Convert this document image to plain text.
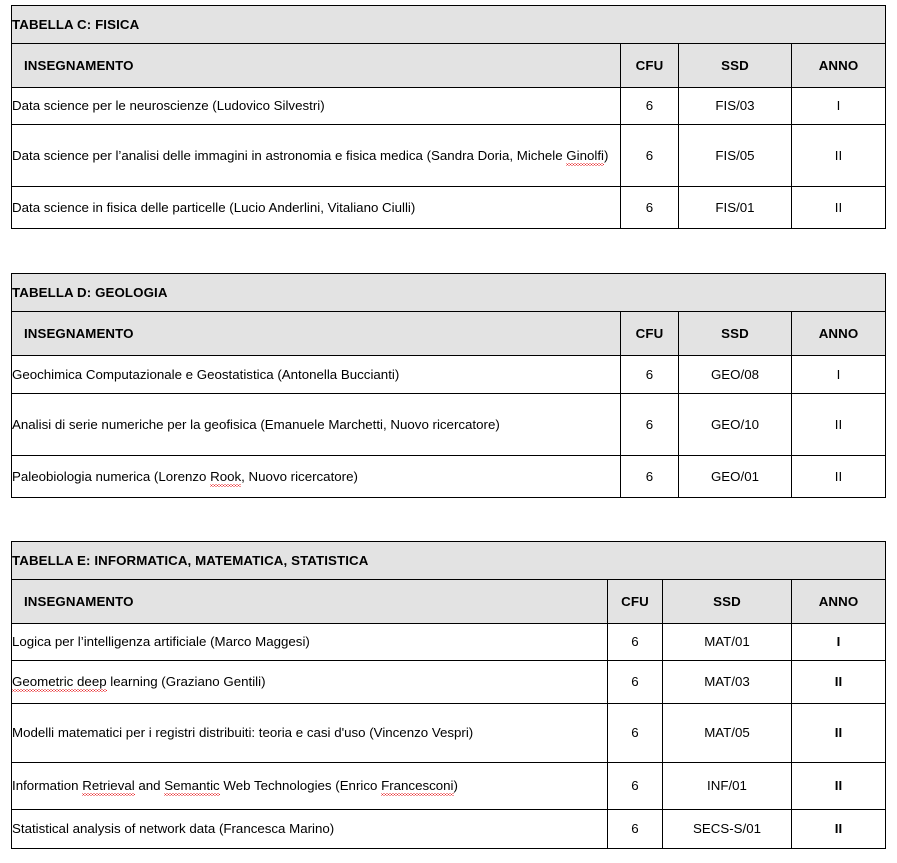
TABELLA C: FISICA			
INSEGNAMENTO	CFU	SSD	ANNO
Data science per le neuroscienze (Ludovico Silvestri)	6	FIS/03	I
Data science per l’analisi delle immagini in astronomia e fisica medica (Sandra Doria, Michele Ginolfi)	6	FIS/05	II
Data science in fisica delle particelle (Lucio Anderlini, Vitaliano Ciulli)	6	FIS/01	II
TABELLA D: GEOLOGIA			
INSEGNAMENTO	CFU	SSD	ANNO
Geochimica Computazionale e Geostatistica (Antonella Buccianti)	6	GEO/08	I
Analisi di serie numeriche per la geofisica (Emanuele Marchetti, Nuovo ricercatore)	6	GEO/10	II
Paleobiologia numerica (Lorenzo Rook, Nuovo ricercatore)	6	GEO/01	II
TABELLA E: INFORMATICA, MATEMATICA, STATISTICA			
INSEGNAMENTO	CFU	SSD	ANNO
Logica per l’intelligenza artificiale (Marco Maggesi)	6	MAT/01	I
Geometric deep learning (Graziano Gentili)	6	MAT/03	II
Modelli matematici per i registri distribuiti: teoria e casi d'uso (Vincenzo Vespri)	6	MAT/05	II
Information Retrieval and Semantic Web Technologies (Enrico Francesconi)	6	INF/01	II
Statistical analysis of network data (Francesca Marino)	6	SECS-S/01	II
